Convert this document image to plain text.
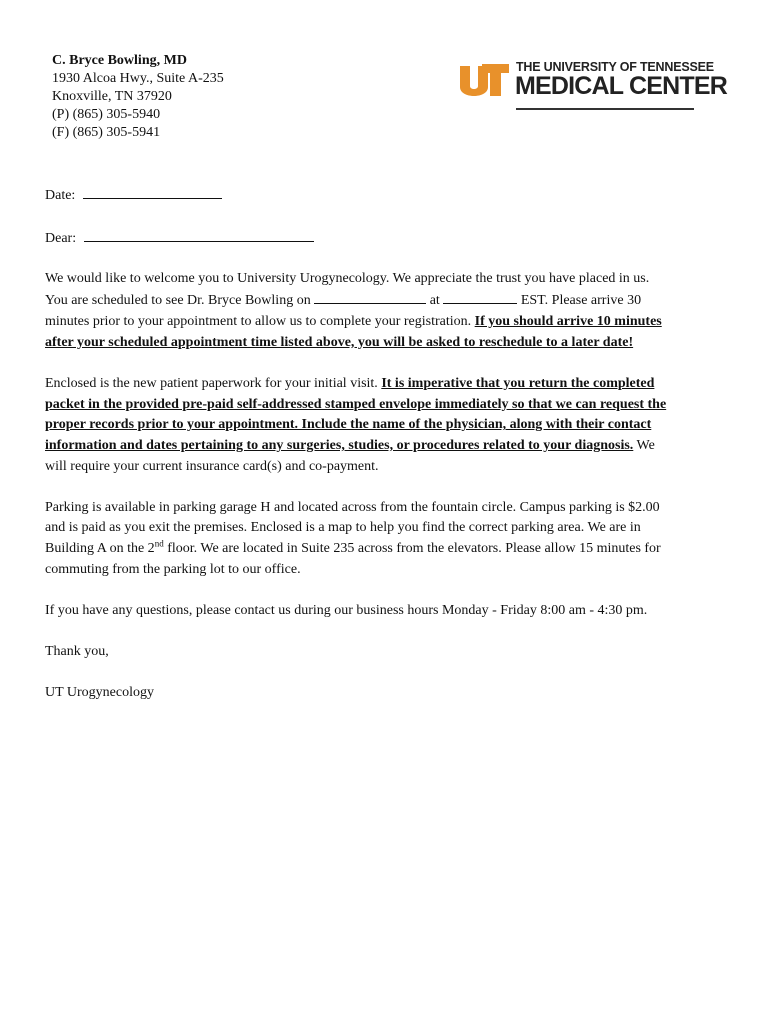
C. Bryce Bowling, MD
1930 Alcoa Hwy., Suite A-235
Knoxville, TN 37920
(P) (865) 305-5940
(F) (865) 305-5941
THE UNIVERSITY OF TENNESSEE
MEDICAL CENTER
Date:
Dear:
We would like to welcome you to University Urogynecology. We appreciate the trust you have placed in us.
You are scheduled to see Dr. Bryce Bowling on	at	EST. Please arrive 30
minutes prior to your appointment to allow us to complete your registration. If you should arrive 10 minutes
after your scheduled appointment time listed above, you will be asked to reschedule to a later date!
Enclosed is the new patient paperwork for your initial visit. It is imperative that you return the completed
packet in the provided pre-paid self-addressed stamped envelope immediately so that we can request the
proper records prior to your appointment. Include the name of the physician, along with their contact
information and dates pertaining to any surgeries, studies, or procedures related to your diagnosis. We
will require your current insurance card(s) and co-payment.
Parking is available in parking garage H and located across from the fountain circle. Campus parking is $2.00
and is paid as you exit the premises. Enclosed is a map to help you find the correct parking area. We are in
Building A on the 2nd floor. We are located in Suite 235 across from the elevators. Please allow 15 minutes for
commuting from the parking lot to our office.
If you have any questions, please contact us during our business hours Monday - Friday 8:00 am - 4:30 pm.
Thank you,
UT Urogynecology
